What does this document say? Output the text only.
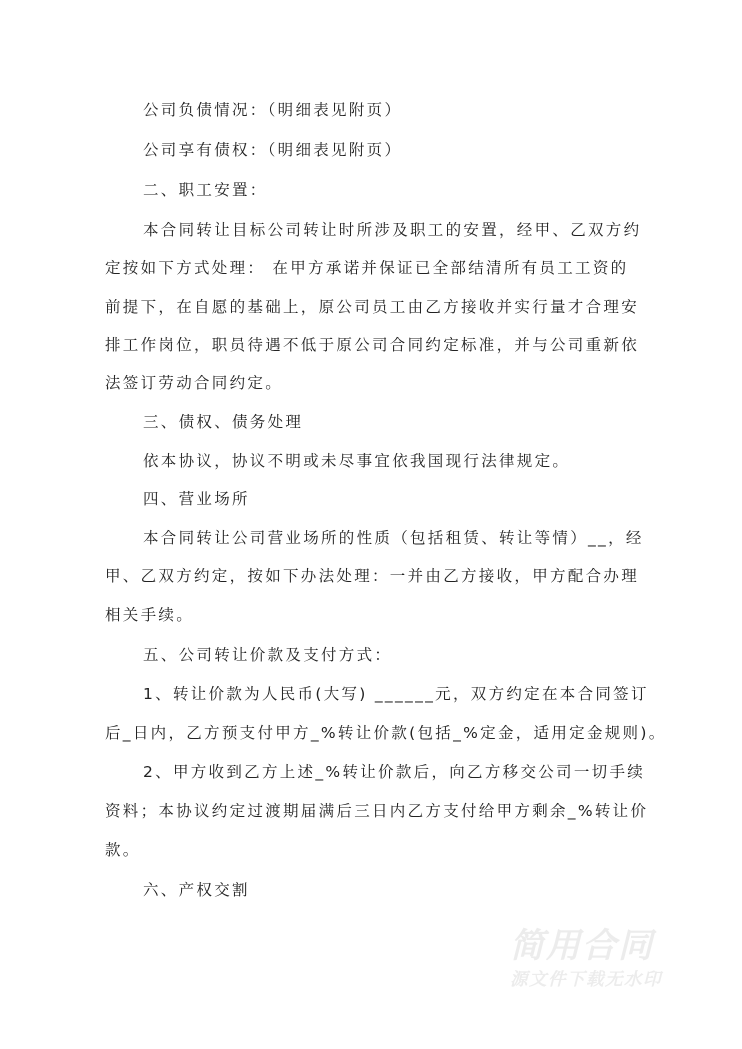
公司负债情况：（明细表见附页）
公司享有债权：（明细表见附页）
二、职工安置：
本合同转让目标公司转让时所涉及职工的安置，经甲、乙双方约
定按如下方式处理： 在甲方承诺并保证已全部结清所有员工工资的
前提下，在自愿的基础上，原公司员工由乙方接收并实行量才合理安
排工作岗位，职员待遇不低于原公司合同约定标准，并与公司重新依
法签订劳动合同约定。
三、债权、债务处理
依本协议，协议不明或未尽事宜依我国现行法律规定。
四、营业场所
本合同转让公司营业场所的性质（包括租赁、转让等情）__，经
甲、乙双方约定，按如下办法处理：一并由乙方接收，甲方配合办理
相关手续。
五、公司转让价款及支付方式：
1、转让价款为人民币(大写) ______元，双方约定在本合同签订
后_日内，乙方预支付甲方_%转让价款(包括_%定金，适用定金规则)。
2、甲方收到乙方上述_%转让价款后，向乙方移交公司一切手续
资料；本协议约定过渡期届满后三日内乙方支付给甲方剩余_%转让价
款。
六、产权交割
简用合同
源文件下载无水印
